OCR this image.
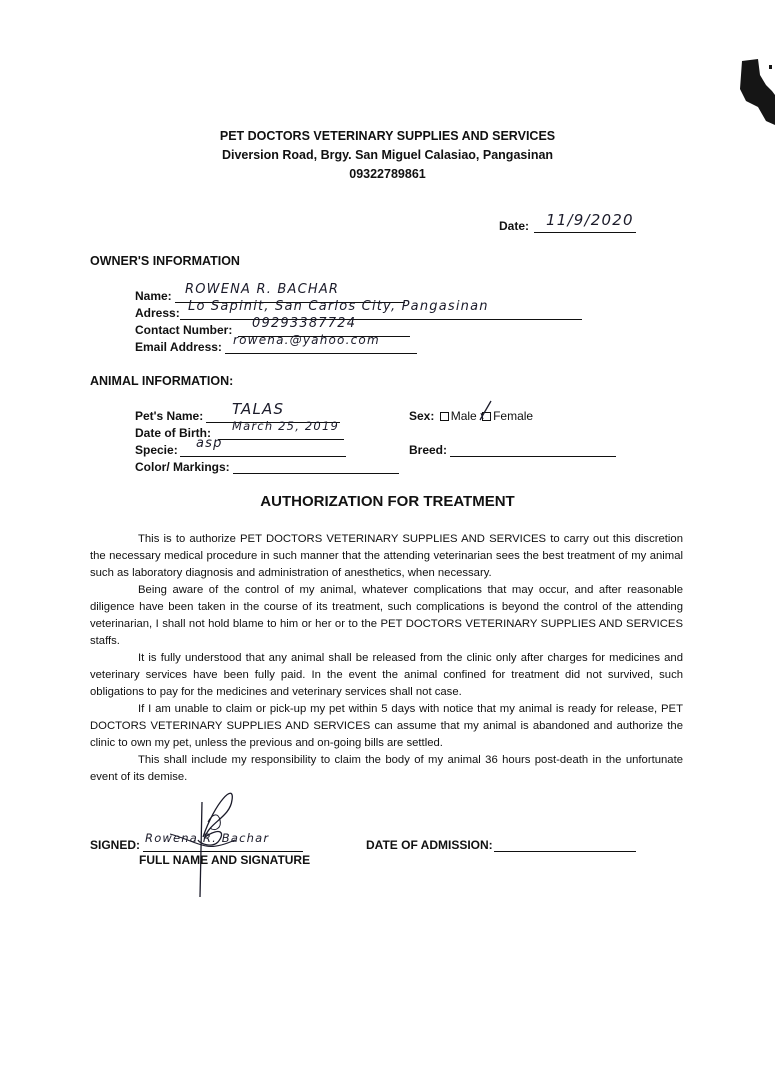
PET DOCTORS VETERINARY SUPPLIES AND SERVICES
Diversion Road, Brgy. San Miguel Calasiao, Pangasinan
09322789861
Date: 11/9/2020
OWNER'S INFORMATION
Name: ROWENA R. BACHAR
Adress: Lo Sapinit, San Carlos City, Pangasinan
Contact Number: 09293387724
Email Address: rowena.@yahoo.com
ANIMAL INFORMATION:
Pet's Name: TALAS
Date of Birth: March 25, 2019
Specie: asp
Color/ Markings:
Sex: Male Female
Breed:
AUTHORIZATION FOR TREATMENT
This is to authorize PET DOCTORS VETERINARY SUPPLIES AND SERVICES to carry out this discretion the necessary medical procedure in such manner that the attending veterinarian sees the best treatment of my animal such as laboratory diagnosis and administration of anesthetics, when necessary.
Being aware of the control of my animal, whatever complications that may occur, and after reasonable diligence have been taken in the course of its treatment, such complications is beyond the control of the attending veterinarian, I shall not hold blame to him or her or to the PET DOCTORS VETERINARY SUPPLIES AND SERVICES staffs.
It is fully understood that any animal shall be released from the clinic only after charges for medicines and veterinary services have been fully paid. In the event the animal confined for treatment did not survived, such obligations to pay for the medicines and veterinary services shall not case.
If I am unable to claim or pick-up my pet within 5 days with notice that my animal is ready for release, PET DOCTORS VETERINARY SUPPLIES AND SERVICES can assume that my animal is abandoned and authorize the clinic to own my pet, unless the previous and on-going bills are settled.
This shall include my responsibility to claim the body of my animal 36 hours post-death in the unfortunate event of its demise.
SIGNED: Rowena R. Bachar
FULL NAME AND SIGNATURE
DATE OF ADMISSION:
